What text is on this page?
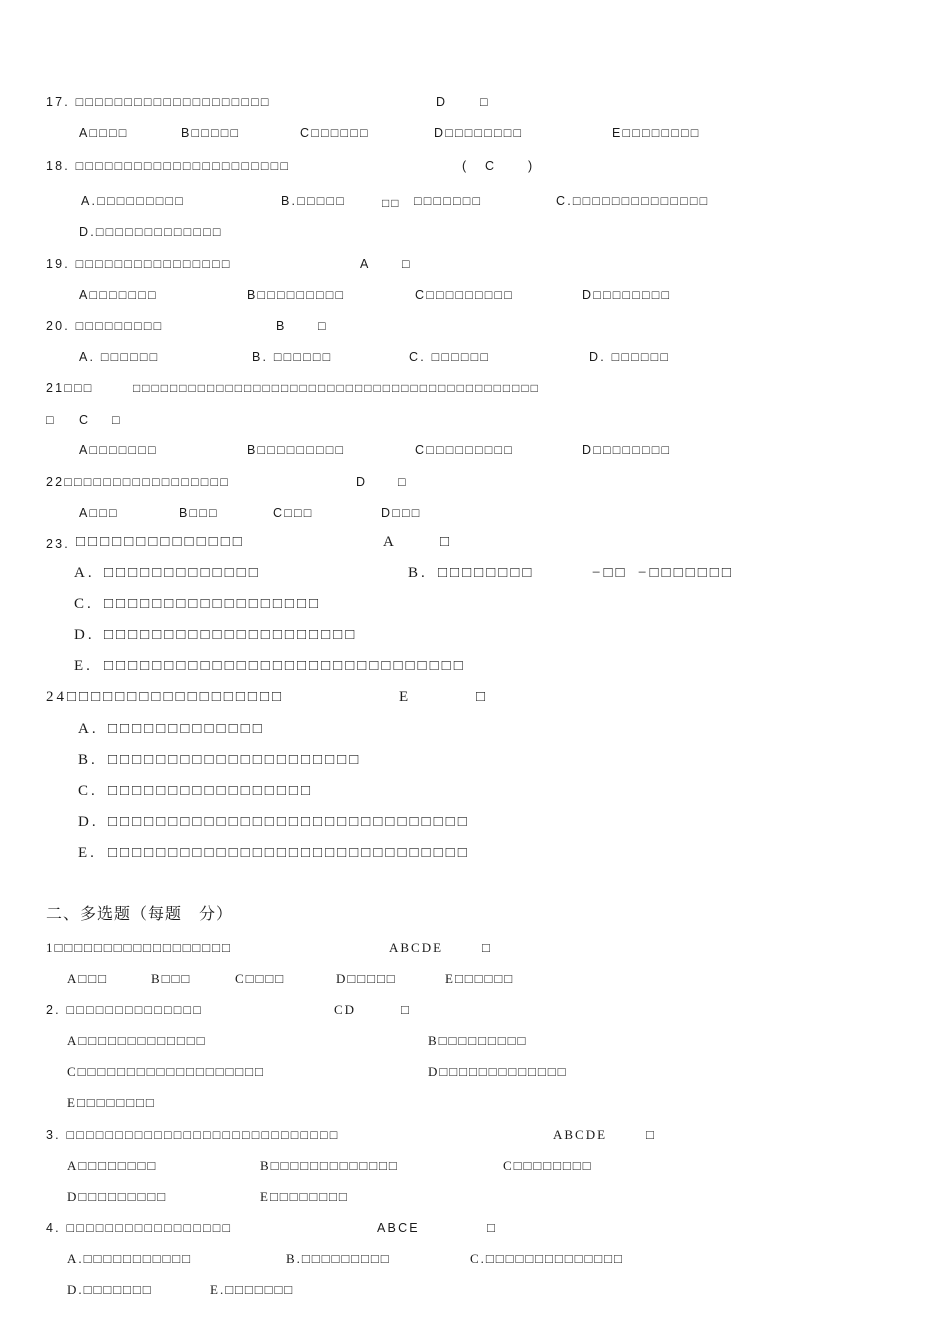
17. □□□□□□□□□□□□□□□□□□□□	D	□
A□□□□	B□□□□□	C□□□□□□	D□□□□□□□□	E□□□□□□□□
18. □□□□□□□□□□□□□□□□□□□□□□	( C	)
A.□□□□□□□□□	B.□□□□□	□□ □□□□□□□	C.□□□□□□□□□□□□□□
D.□□□□□□□□□□□□□
19. □□□□□□□□□□□□□□□□	A	□
A□□□□□□□	B□□□□□□□□□	C□□□□□□□□□	D□□□□□□□□
20. □□□□□□□□□	B	□
A. □□□□□□	B. □□□□□□	C. □□□□□□	D. □□□□□□
21□□□	□□□□□□□□□□□□□□□□□□□□□□□□□□□□□□□□□□□□□□□□□□□□
□ C □
A□□□□□□□	B□□□□□□□□□	C□□□□□□□□□	D□□□□□□□□
22□□□□□□□□□□□□□□□□□	D □
A□□□	B□□□	C□□□	D□□□
23. □□□□□□□□□□□□□□	A	□
A. □□□□□□□□□□□□□	B. □□□□□□□□	−□□ −□□□□□□□
C. □□□□□□□□□□□□□□□□□□
D. □□□□□□□□□□□□□□□□□□□□□
E. □□□□□□□□□□□□□□□□□□□□□□□□□□□□□□
24□□□□□□□□□□□□□□□□□□	E	□
A. □□□□□□□□□□□□□
B. □□□□□□□□□□□□□□□□□□□□□
C. □□□□□□□□□□□□□□□□□
D. □□□□□□□□□□□□□□□□□□□□□□□□□□□□□□
E. □□□□□□□□□□□□□□□□□□□□□□□□□□□□□□
二、多选题（每题　分）
1□□□□□□□□□□□□□□□□□□	ABCDE	□
A□□□	B□□□	C□□□□	D□□□□□	E□□□□□□
2. □□□□□□□□□□□□□□	CD	□
A□□□□□□□□□□□□□	B□□□□□□□□□
C□□□□□□□□□□□□□□□□□□□	D□□□□□□□□□□□□□
E□□□□□□□□
3. □□□□□□□□□□□□□□□□□□□□□□□□□□□□	ABCDE	□
A□□□□□□□□	B□□□□□□□□□□□□□	C□□□□□□□□
D□□□□□□□□□	E□□□□□□□□
4. □□□□□□□□□□□□□□□□□	ABCE	□
A.□□□□□□□□□□□	B.□□□□□□□□□	C.□□□□□□□□□□□□□□
D.□□□□□□□	E.□□□□□□□
